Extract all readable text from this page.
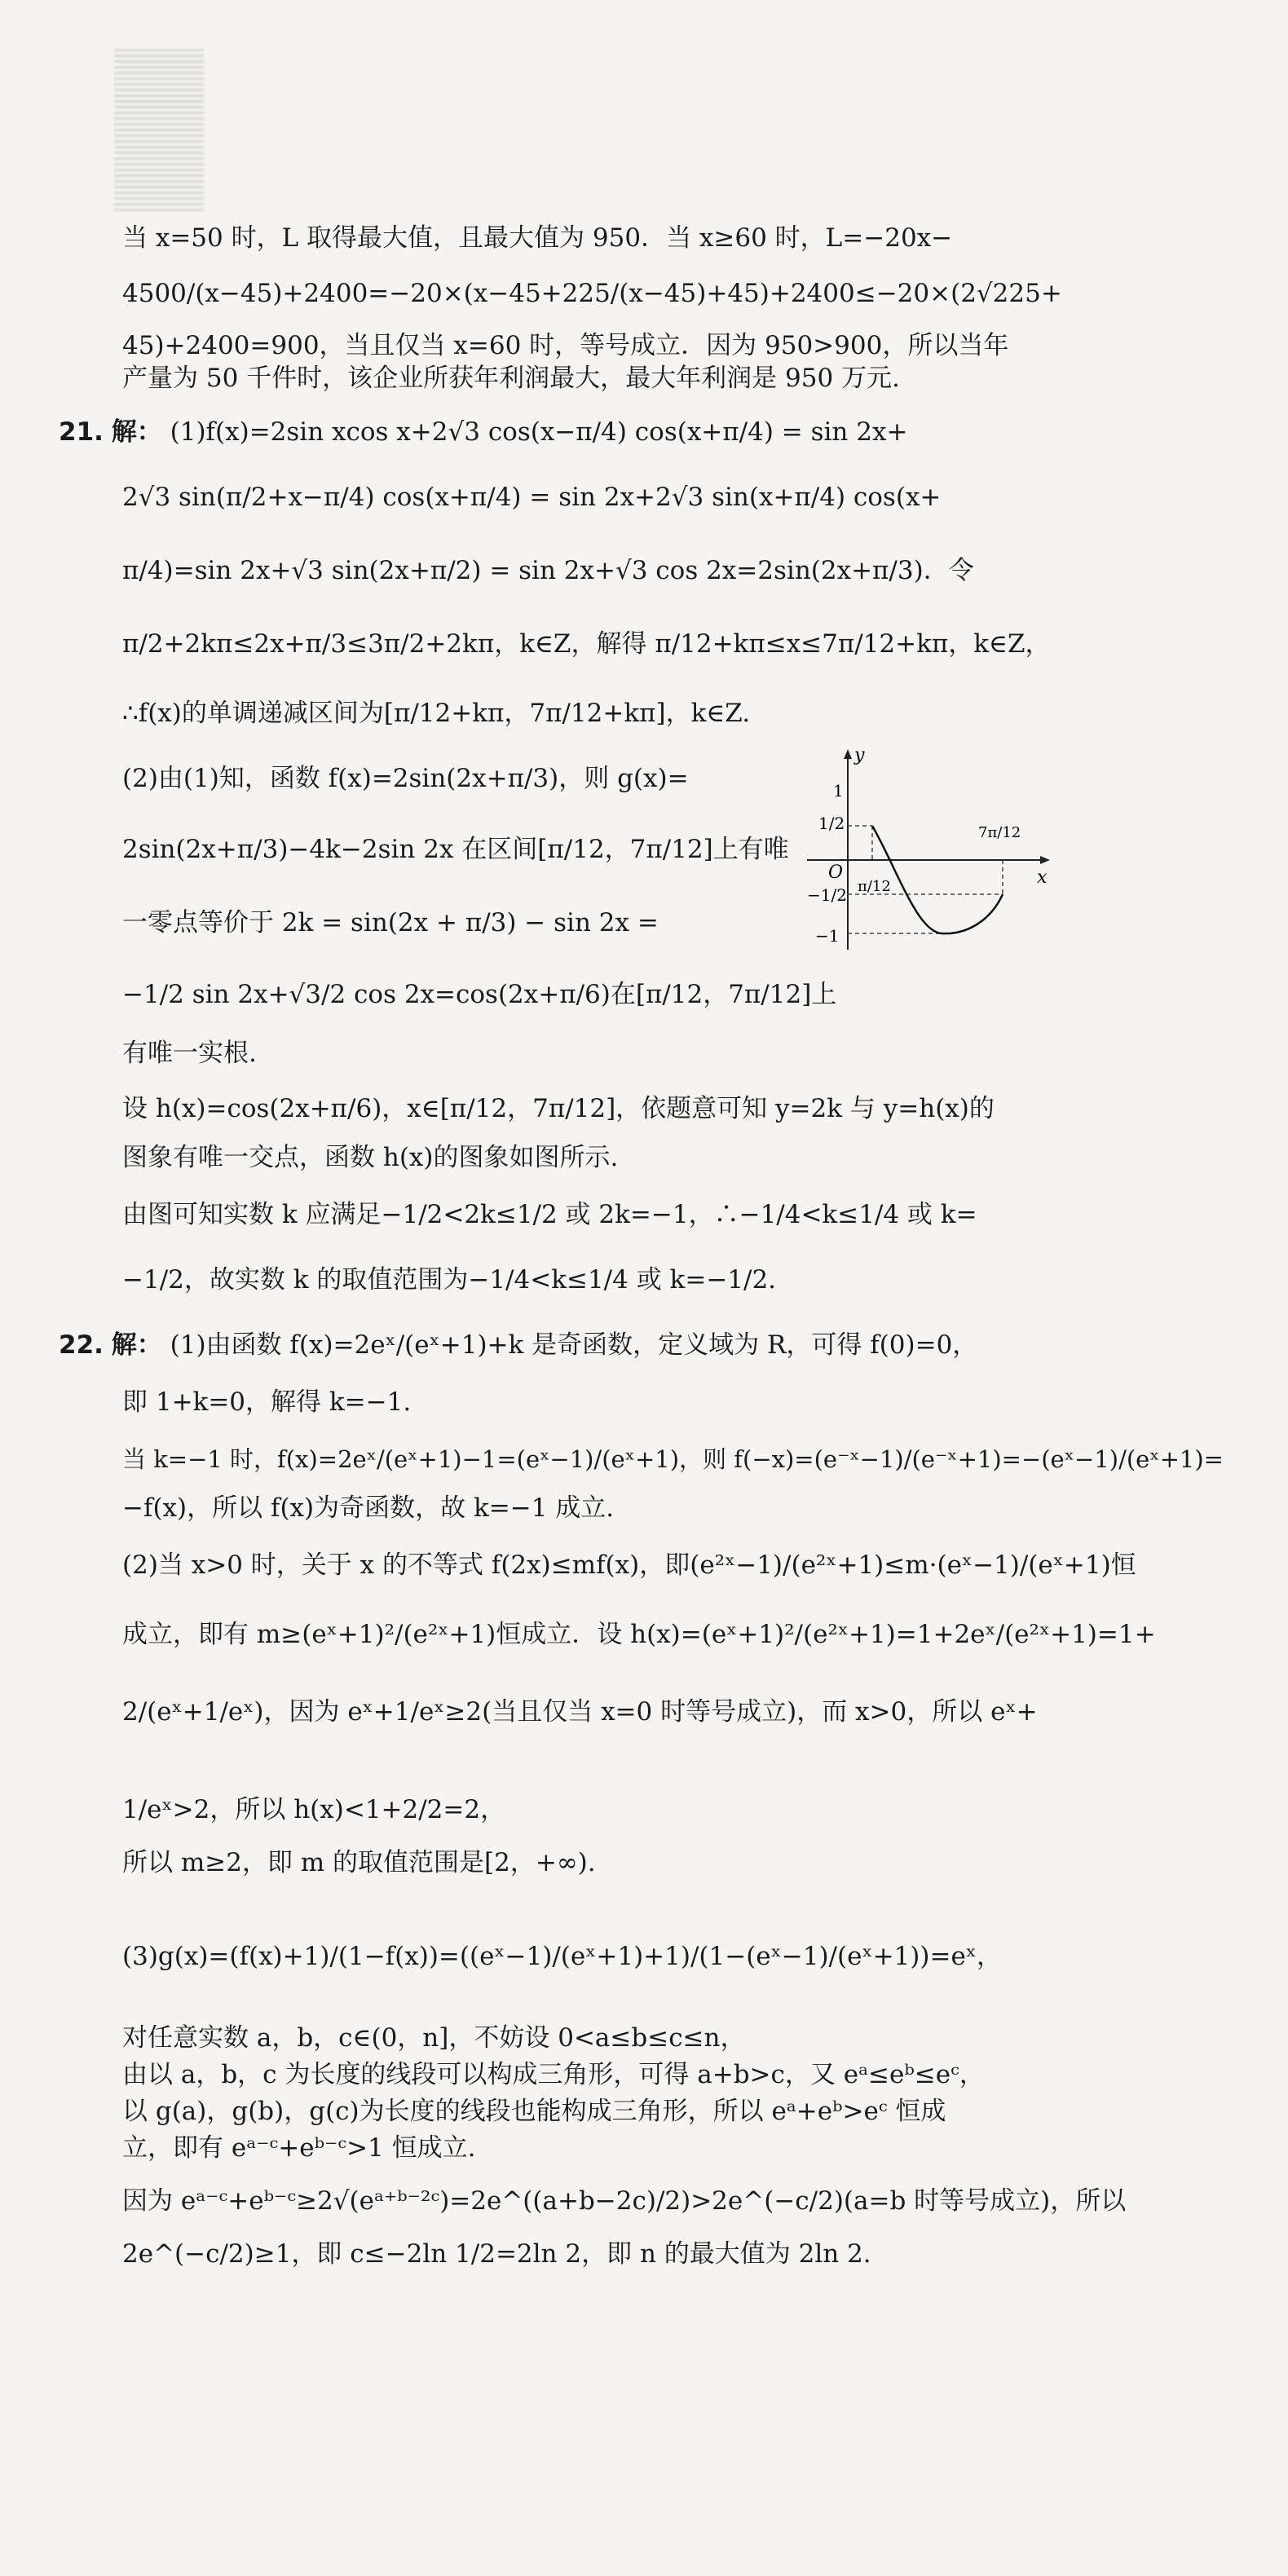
当 x=50 时，L 取得最大值，且最大值为 950．当 x≥60 时，L=−20x−
4500/(x−45)+2400=−20×(x−45+225/(x−45)+45)+2400≤−20×(2√225+
45)+2400=900，当且仅当 x=60 时，等号成立．因为 950>900，所以当年
产量为 50 千件时，该企业所获年利润最大，最大年利润是 950 万元.
21. 解： (1)f(x)=2sin xcos x+2√3 cos(x−π/4) cos(x+π/4) = sin 2x+
2√3 sin(π/2+x−π/4) cos(x+π/4) = sin 2x+2√3 sin(x+π/4) cos(x+
π/4)=sin 2x+√3 sin(2x+π/2) = sin 2x+√3 cos 2x=2sin(2x+π/3)．令
π/2+2kπ≤2x+π/3≤3π/2+2kπ，k∈Z，解得 π/12+kπ≤x≤7π/12+kπ，k∈Z，
∴f(x)的单调递减区间为[π/12+kπ，7π/12+kπ]，k∈Z.
(2)由(1)知，函数 f(x)=2sin(2x+π/3)，则 g(x)=
2sin(2x+π/3)−4k−2sin 2x 在区间[π/12，7π/12]上有唯
一零点等价于 2k = sin(2x + π/3) − sin 2x =
−1/2 sin 2x+√3/2 cos 2x=cos(2x+π/6)在[π/12，7π/12]上
有唯一实根.
设 h(x)=cos(2x+π/6)，x∈[π/12，7π/12]，依题意可知 y=2k 与 y=h(x)的
图象有唯一交点，函数 h(x)的图象如图所示.
由图可知实数 k 应满足−1/2<2k≤1/2 或 2k=−1，∴−1/4<k≤1/4 或 k=
−1/2，故实数 k 的取值范围为−1/4<k≤1/4 或 k=−1/2.
y
x
O
1
1/2
−1/2
−1
π/12
7π/12
22. 解： (1)由函数 f(x)=2eˣ/(eˣ+1)+k 是奇函数，定义域为 R，可得 f(0)=0，
即 1+k=0，解得 k=−1.
当 k=−1 时，f(x)=2eˣ/(eˣ+1)−1=(eˣ−1)/(eˣ+1)，则 f(−x)=(e⁻ˣ−1)/(e⁻ˣ+1)=−(eˣ−1)/(eˣ+1)=
−f(x)，所以 f(x)为奇函数，故 k=−1 成立.
(2)当 x>0 时，关于 x 的不等式 f(2x)≤mf(x)，即(e²ˣ−1)/(e²ˣ+1)≤m·(eˣ−1)/(eˣ+1)恒
成立，即有 m≥(eˣ+1)²/(e²ˣ+1)恒成立．设 h(x)=(eˣ+1)²/(e²ˣ+1)=1+2eˣ/(e²ˣ+1)=1+
2/(eˣ+1/eˣ)，因为 eˣ+1/eˣ≥2(当且仅当 x=0 时等号成立)，而 x>0，所以 eˣ+
1/eˣ>2，所以 h(x)<1+2/2=2，
所以 m≥2，即 m 的取值范围是[2，+∞).
(3)g(x)=(f(x)+1)/(1−f(x))=((eˣ−1)/(eˣ+1)+1)/(1−(eˣ−1)/(eˣ+1))=eˣ，
对任意实数 a，b，c∈(0，n]，不妨设 0<a≤b≤c≤n，
由以 a，b，c 为长度的线段可以构成三角形，可得 a+b>c，又 eᵃ≤eᵇ≤eᶜ，
以 g(a)，g(b)，g(c)为长度的线段也能构成三角形，所以 eᵃ+eᵇ>eᶜ 恒成
立，即有 eᵃ⁻ᶜ+eᵇ⁻ᶜ>1 恒成立.
因为 eᵃ⁻ᶜ+eᵇ⁻ᶜ≥2√(eᵃ⁺ᵇ⁻²ᶜ)=2e^((a+b−2c)/2)>2e^(−c/2)(a=b 时等号成立)，所以
2e^(−c/2)≥1，即 c≤−2ln 1/2=2ln 2，即 n 的最大值为 2ln 2.
